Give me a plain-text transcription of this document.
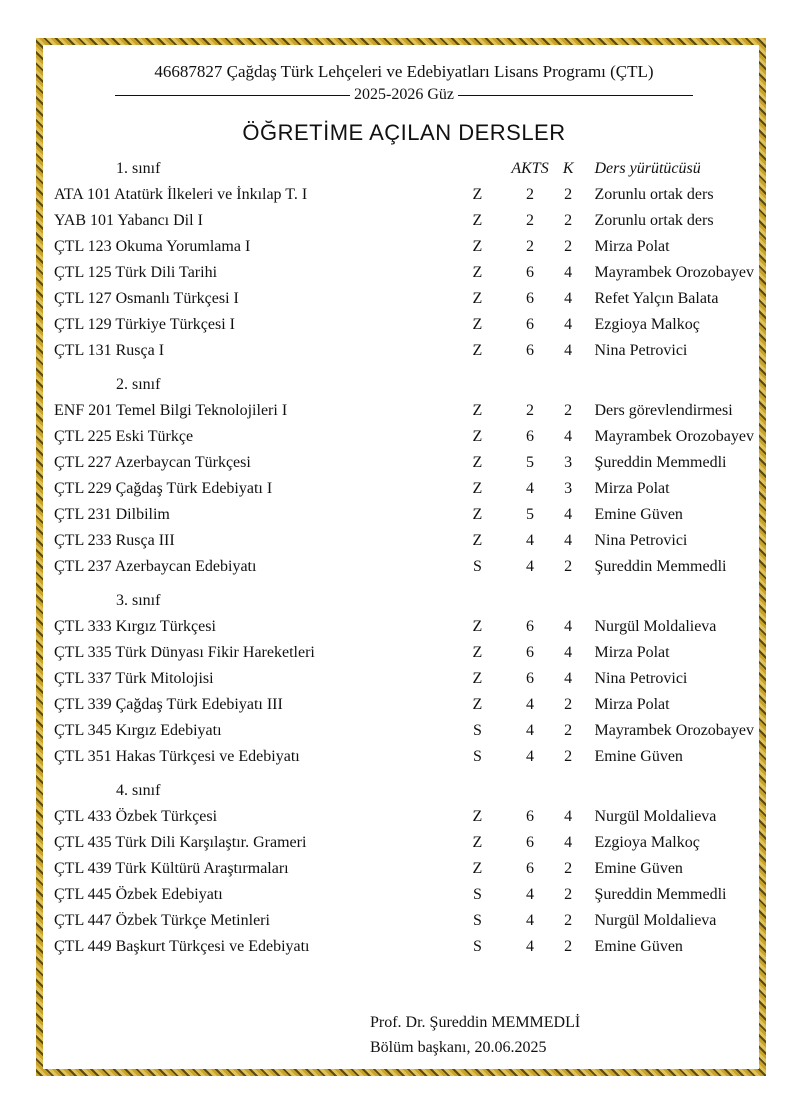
46687827 Çağdaş Türk Lehçeleri ve Edebiyatları Lisans Programı (ÇTL)
2025-2026 Güz
ÖĞRETİME AÇILAN DERSLER
1. sınıf		AKTS	K	Ders yürütücüsü
ATA 101 Atatürk İlkeleri ve İnkılap T. I	Z	2	2	Zorunlu ortak ders
YAB 101 Yabancı Dil I	Z	2	2	Zorunlu ortak ders
ÇTL 123 Okuma Yorumlama I	Z	2	2	Mirza Polat
ÇTL 125 Türk Dili Tarihi	Z	6	4	Mayrambek Orozobayev
ÇTL 127 Osmanlı Türkçesi I	Z	6	4	Refet Yalçın Balata
ÇTL 129 Türkiye Türkçesi I	Z	6	4	Ezgioya Malkoç
ÇTL 131 Rusça I	Z	6	4	Nina Petrovici
2. sınıf				
ENF 201 Temel Bilgi Teknolojileri I	Z	2	2	Ders görevlendirmesi
ÇTL 225 Eski Türkçe	Z	6	4	Mayrambek Orozobayev
ÇTL 227 Azerbaycan Türkçesi	Z	5	3	Şureddin Memmedli
ÇTL 229 Çağdaş Türk Edebiyatı I	Z	4	3	Mirza Polat
ÇTL 231 Dilbilim	Z	5	4	Emine Güven
ÇTL 233 Rusça III	Z	4	4	Nina Petrovici
ÇTL 237 Azerbaycan Edebiyatı	S	4	2	Şureddin Memmedli
3. sınıf				
ÇTL 333 Kırgız Türkçesi	Z	6	4	Nurgül Moldalieva
ÇTL 335 Türk Dünyası Fikir Hareketleri	Z	6	4	Mirza Polat
ÇTL 337 Türk Mitolojisi	Z	6	4	Nina Petrovici
ÇTL 339 Çağdaş Türk Edebiyatı III	Z	4	2	Mirza Polat
ÇTL 345 Kırgız Edebiyatı	S	4	2	Mayrambek Orozobayev
ÇTL 351 Hakas Türkçesi ve Edebiyatı	S	4	2	Emine Güven
4. sınıf				
ÇTL 433 Özbek Türkçesi	Z	6	4	Nurgül Moldalieva
ÇTL 435 Türk Dili Karşılaştır. Grameri	Z	6	4	Ezgioya Malkoç
ÇTL 439 Türk Kültürü Araştırmaları	Z	6	2	Emine Güven
ÇTL 445 Özbek Edebiyatı	S	4	2	Şureddin Memmedli
ÇTL 447 Özbek Türkçe Metinleri	S	4	2	Nurgül Moldalieva
ÇTL 449 Başkurt Türkçesi ve Edebiyatı	S	4	2	Emine Güven
Prof. Dr. Şureddin MEMMEDLİ
Bölüm başkanı, 20.06.2025
